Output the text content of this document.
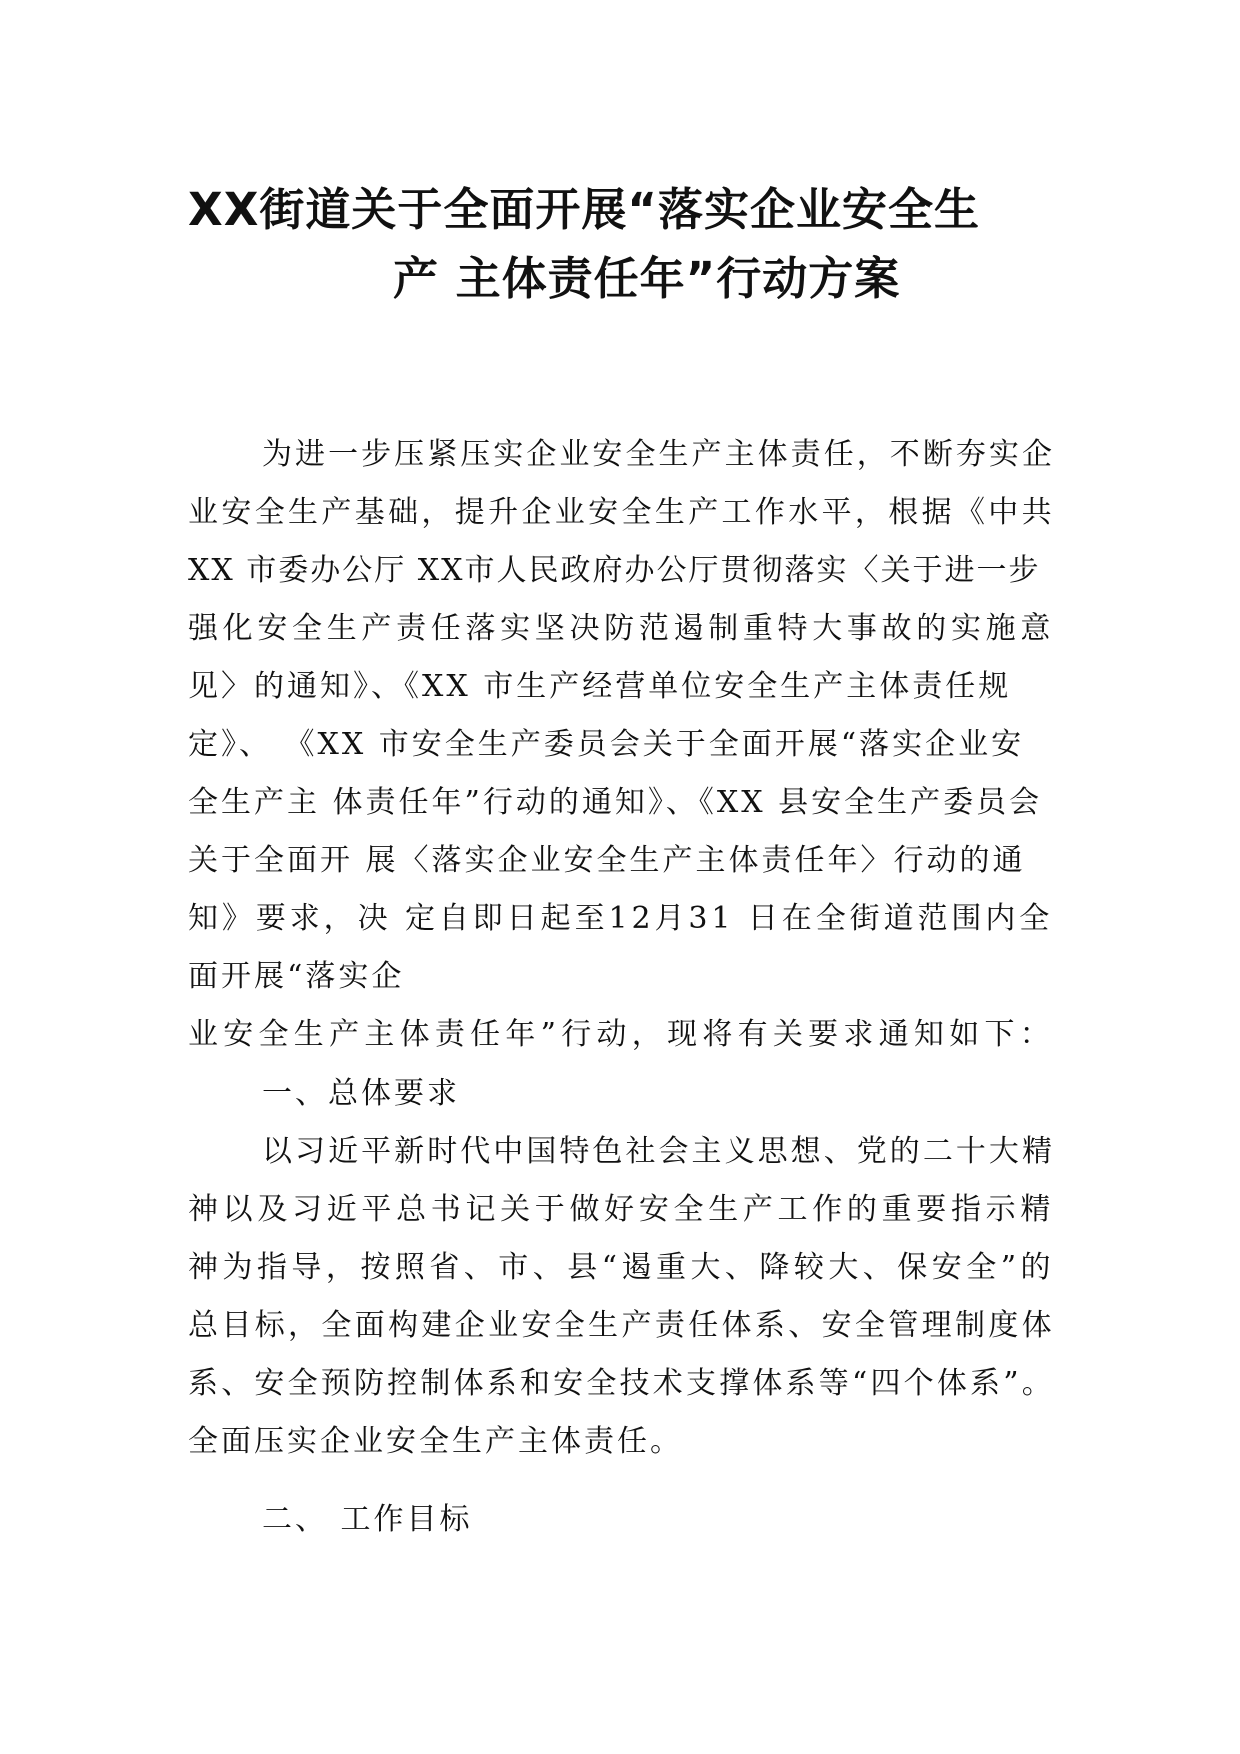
XX街道关于全面开展“落实企业安全生
产 主体责任年”行动方案

为进一步压紧压实企业安全生产主体责任，不断夯实企

业安全生产基础，提升企业安全生产工作水平，根据《中共

XX 市委办公厅 XX市人民政府办公厅贯彻落实〈关于进一步

强化安全生产责任落实坚决防范遏制重特大事故的实施意

见〉的通知》、《XX 市生产经营单位安全生产主体责任规

定》、 《XX 市安全生产委员会关于全面开展“落实企业安

全生产主 体责任年”行动的通知》、《XX 县安全生产委员会

关于全面开 展〈落实企业安全生产主体责任年〉行动的通

知》要求，决 定自即日起至12月31 日在全街道范围内全

面开展“落实企

业安全生产主体责任年”行动，现将有关要求通知如下：

一、总体要求

以习近平新时代中国特色社会主义思想、党的二十大精

神以及习近平总书记关于做好安全生产工作的重要指示精

神为指导，按照省、市、县“遏重大、降较大、保安全”的

总目标，全面构建企业安全生产责任体系、安全管理制度体

系、安全预防控制体系和安全技术支撑体系等“四个体系”。

全面压实企业安全生产主体责任。

二、 工作目标
